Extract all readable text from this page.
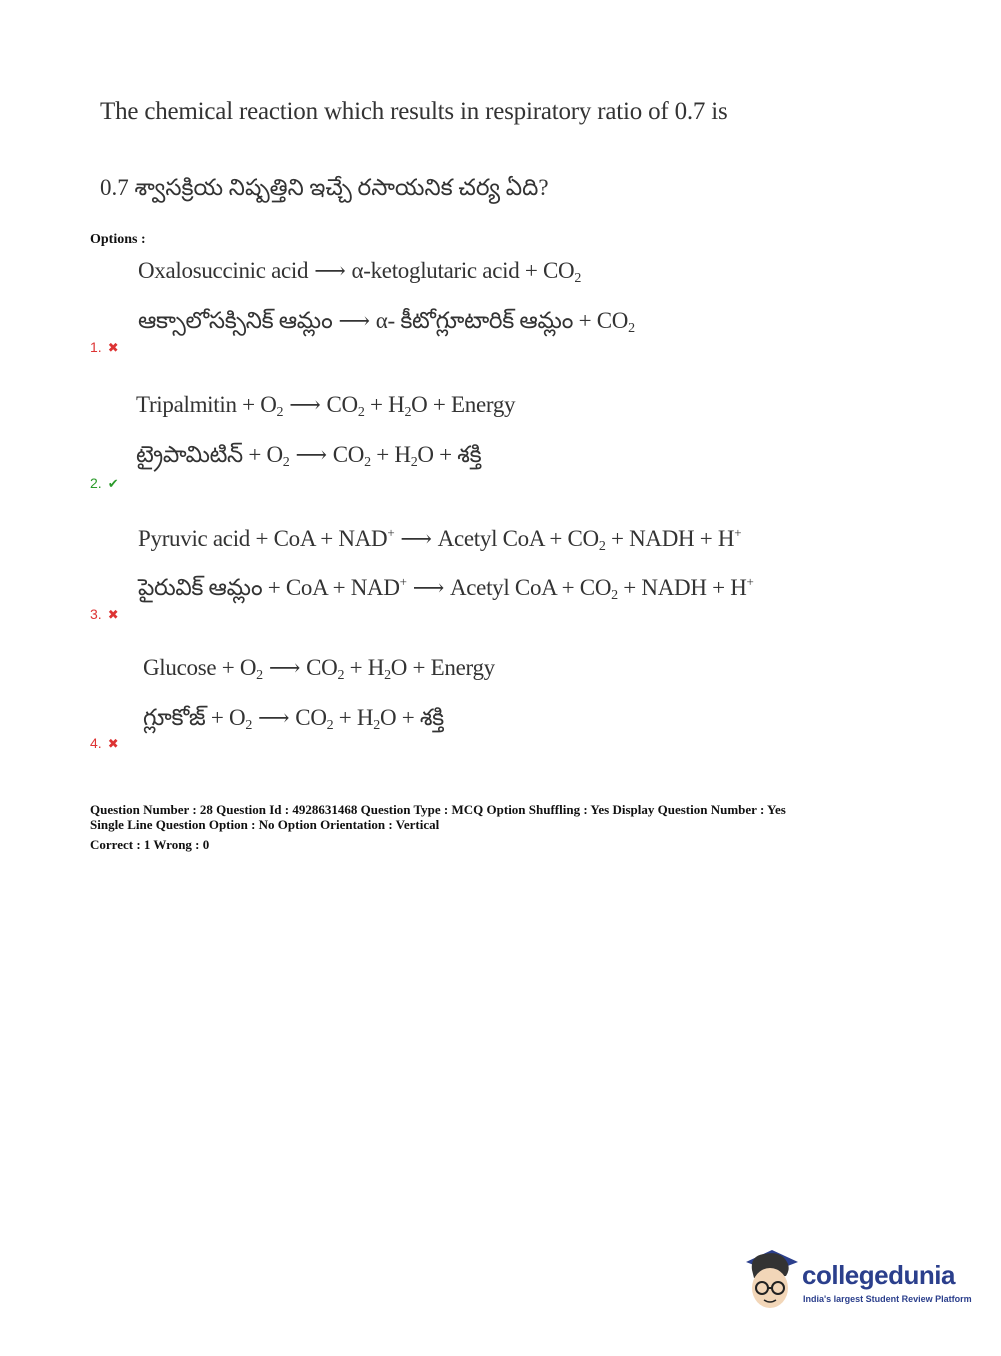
The chemical reaction which results in respiratory ratio of 0.7 is
0.7 శ్వాసక్రియ నిష్పత్తిని ఇచ్చే రసాయనిక చర్య ఏది?
Options :
Oxalosuccinic acid ⟶ α-ketoglutaric acid + $CO_2$
ఆక్సాలోసక్సినిక్ ఆమ్లం ⟶ α- కీటోగ్లూటారిక్ ఆమ్లం + $CO_2$
1. ✖
Tripalmitin + $O_2$ ⟶ $CO_2 + H_2O$ + Energy
ట్రైపామిటిన్ + $O_2$ ⟶ $CO_2 + H_2O$ + శక్తి
2. ✔
Pyruvic acid + CoA + NAD+ ⟶ Acetyl CoA + $CO_2$ + NADH + H+
పైరువిక్ ఆమ్లం + CoA + NAD+ ⟶ Acetyl CoA + $CO_2$ + NADH + H+
3. ✖
$Glucose + O_2$ ⟶ $CO_2 + H_2O$ + Energy
గ్లూకోజ్ + $O_2$ ⟶ $CO_2 + H_2O$ + శక్తి
4. ✖
Question Number : 28 Question Id : 4928631468 Question Type : MCQ Option Shuffling : Yes Display Question Number : Yes
Single Line Question Option : No Option Orientation : Vertical
Correct : 1 Wrong : 0
collegedunia
India's largest Student Review Platform
